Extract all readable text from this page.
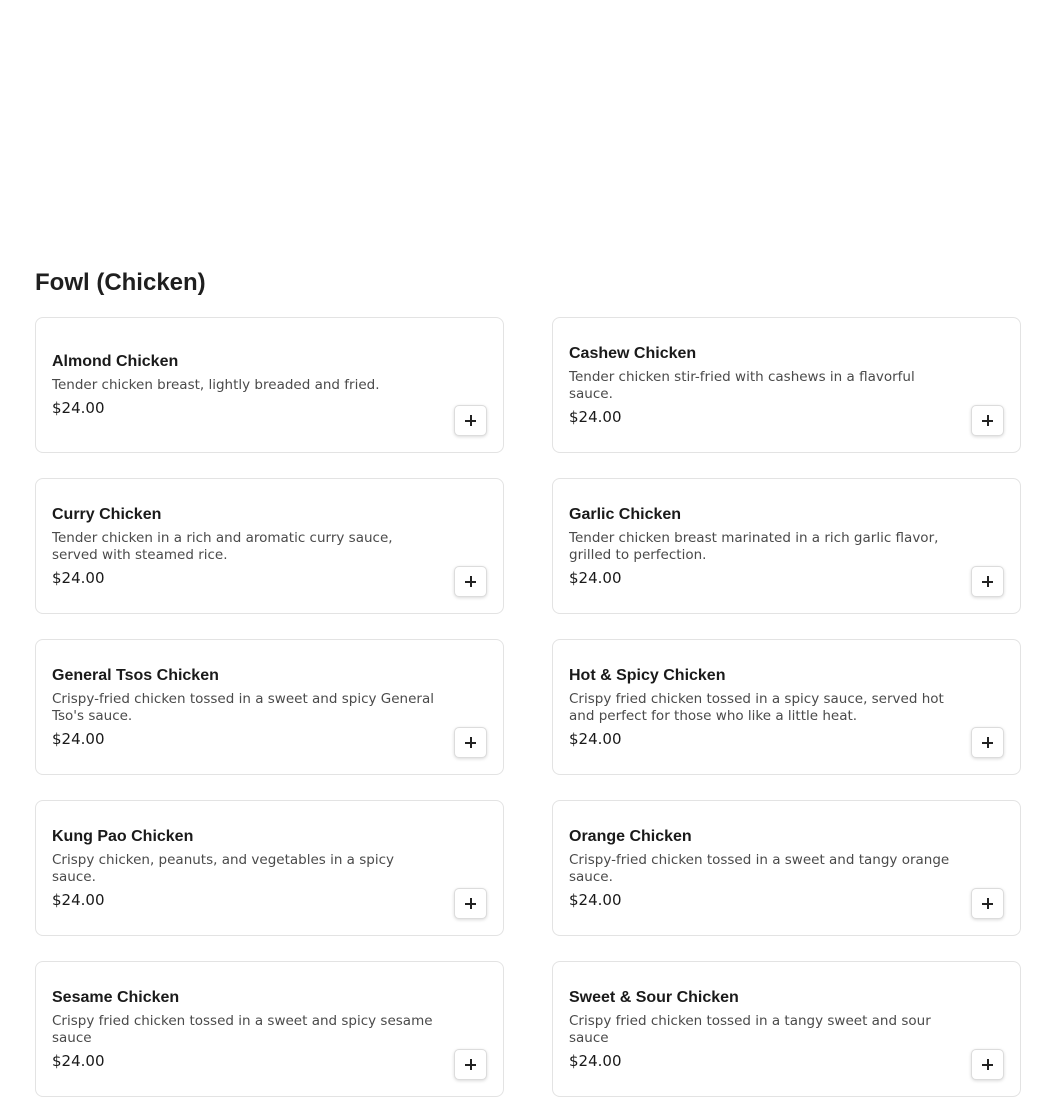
Fowl (Chicken)
Almond Chicken
Tender chicken breast, lightly breaded and fried.
$24.00
Cashew Chicken
Tender chicken stir-fried with cashews in a flavorful sauce.
$24.00
Curry Chicken
Tender chicken in a rich and aromatic curry sauce, served with steamed rice.
$24.00
Garlic Chicken
Tender chicken breast marinated in a rich garlic flavor, grilled to perfection.
$24.00
General Tsos Chicken
Crispy-fried chicken tossed in a sweet and spicy General Tso's sauce.
$24.00
Hot & Spicy Chicken
Crispy fried chicken tossed in a spicy sauce, served hot and perfect for those who like a little heat.
$24.00
Kung Pao Chicken
Crispy chicken, peanuts, and vegetables in a spicy sauce.
$24.00
Orange Chicken
Crispy-fried chicken tossed in a sweet and tangy orange sauce.
$24.00
Sesame Chicken
Crispy fried chicken tossed in a sweet and spicy sesame sauce
$24.00
Sweet & Sour Chicken
Crispy fried chicken tossed in a tangy sweet and sour sauce
$24.00
